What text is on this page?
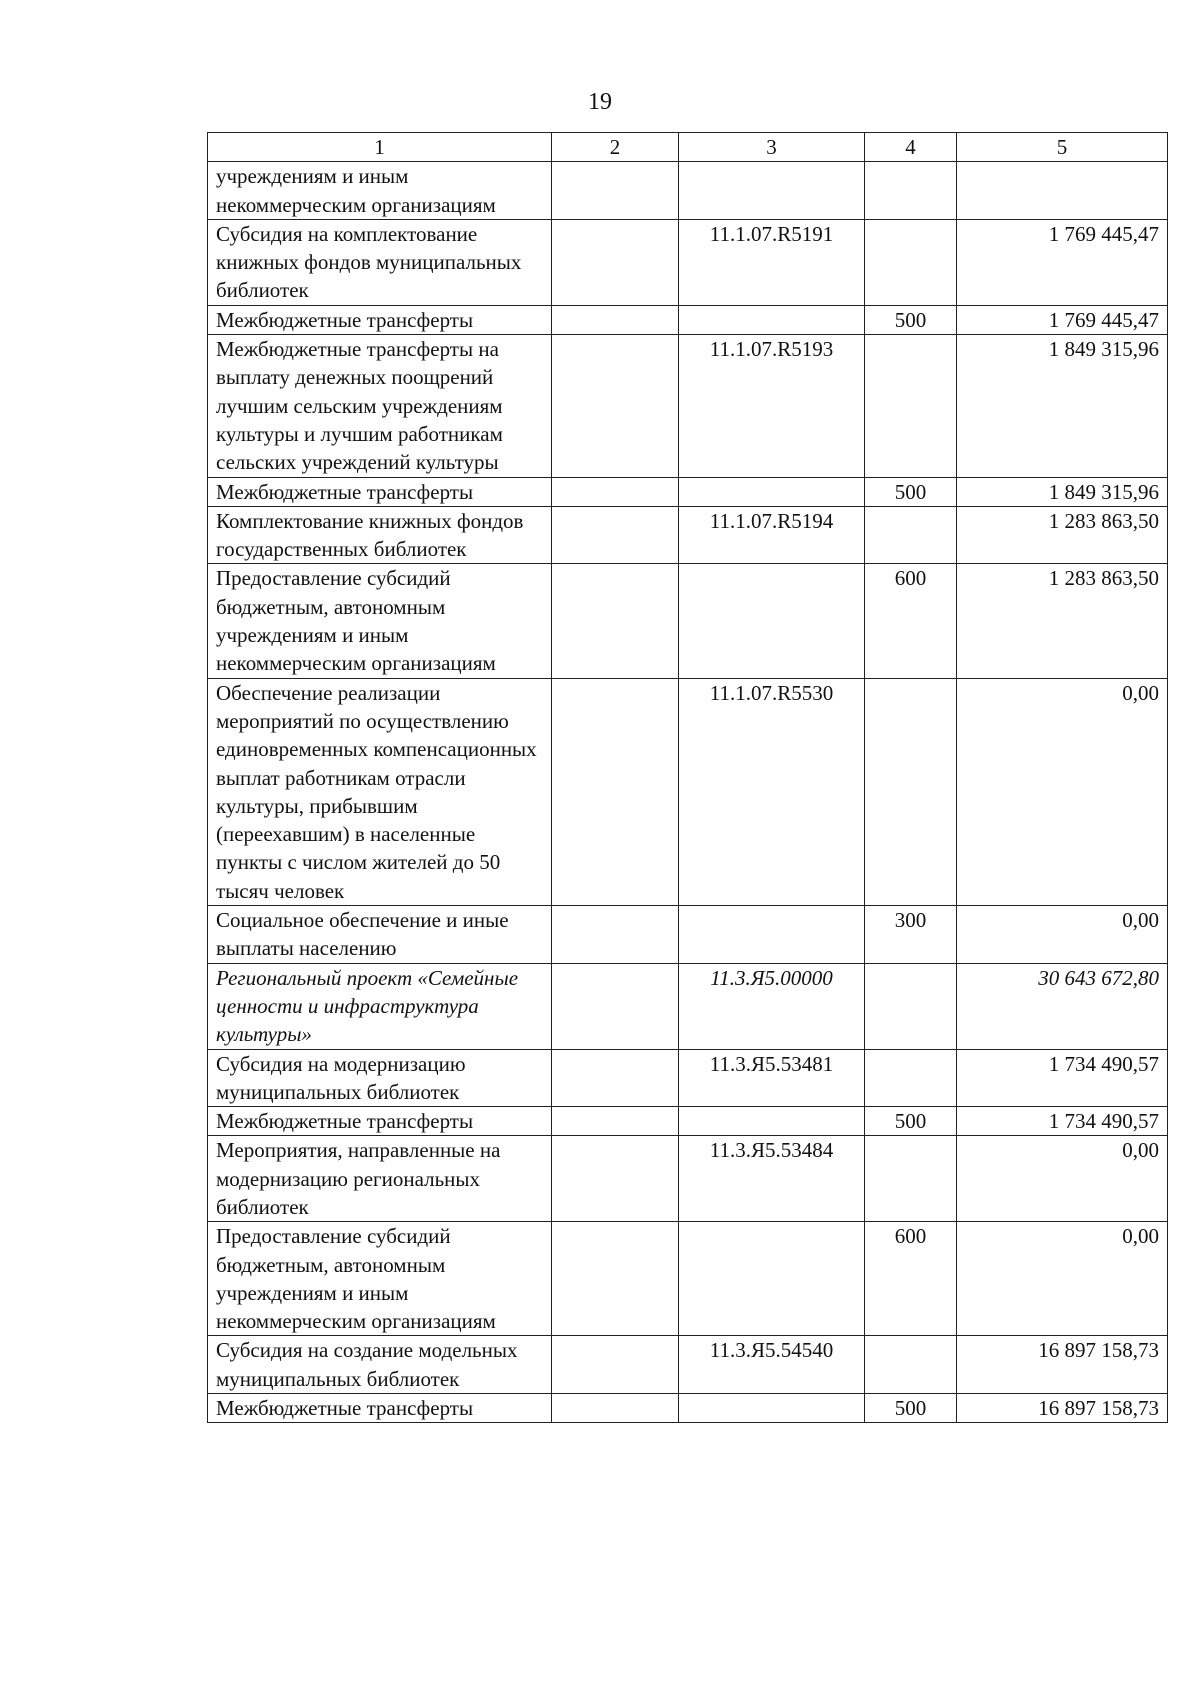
19
1	2	3	4	5
учреждениям и иным некоммерческим организациям				
Субсидия на комплектование книжных фондов муниципальных библиотек		11.1.07.R5191		1 769 445,47
Межбюджетные трансферты			500	1 769 445,47
Межбюджетные трансферты на выплату денежных поощрений лучшим сельским учреждениям культуры и лучшим работникам сельских учреждений культуры		11.1.07.R5193		1 849 315,96
Межбюджетные трансферты			500	1 849 315,96
Комплектование книжных фондов государственных библиотек		11.1.07.R5194		1 283 863,50
Предоставление субсидий бюджетным, автономным учреждениям и иным некоммерческим организациям			600	1 283 863,50
Обеспечение реализации мероприятий по осуществлению единовременных компенсационных выплат работникам отрасли культуры, прибывшим (переехавшим) в населенные пункты с числом жителей до 50 тысяч человек		11.1.07.R5530		0,00
Социальное обеспечение и иные выплаты населению			300	0,00
Региональный проект «Семейные ценности и инфраструктура культуры»		11.3.Я5.00000		30 643 672,80
Субсидия на модернизацию муниципальных библиотек		11.3.Я5.53481		1 734 490,57
Межбюджетные трансферты			500	1 734 490,57
Мероприятия, направленные на модернизацию региональных библиотек		11.3.Я5.53484		0,00
Предоставление субсидий бюджетным, автономным учреждениям и иным некоммерческим организациям			600	0,00
Субсидия на создание модельных муниципальных библиотек		11.3.Я5.54540		16 897 158,73
Межбюджетные трансферты			500	16 897 158,73
